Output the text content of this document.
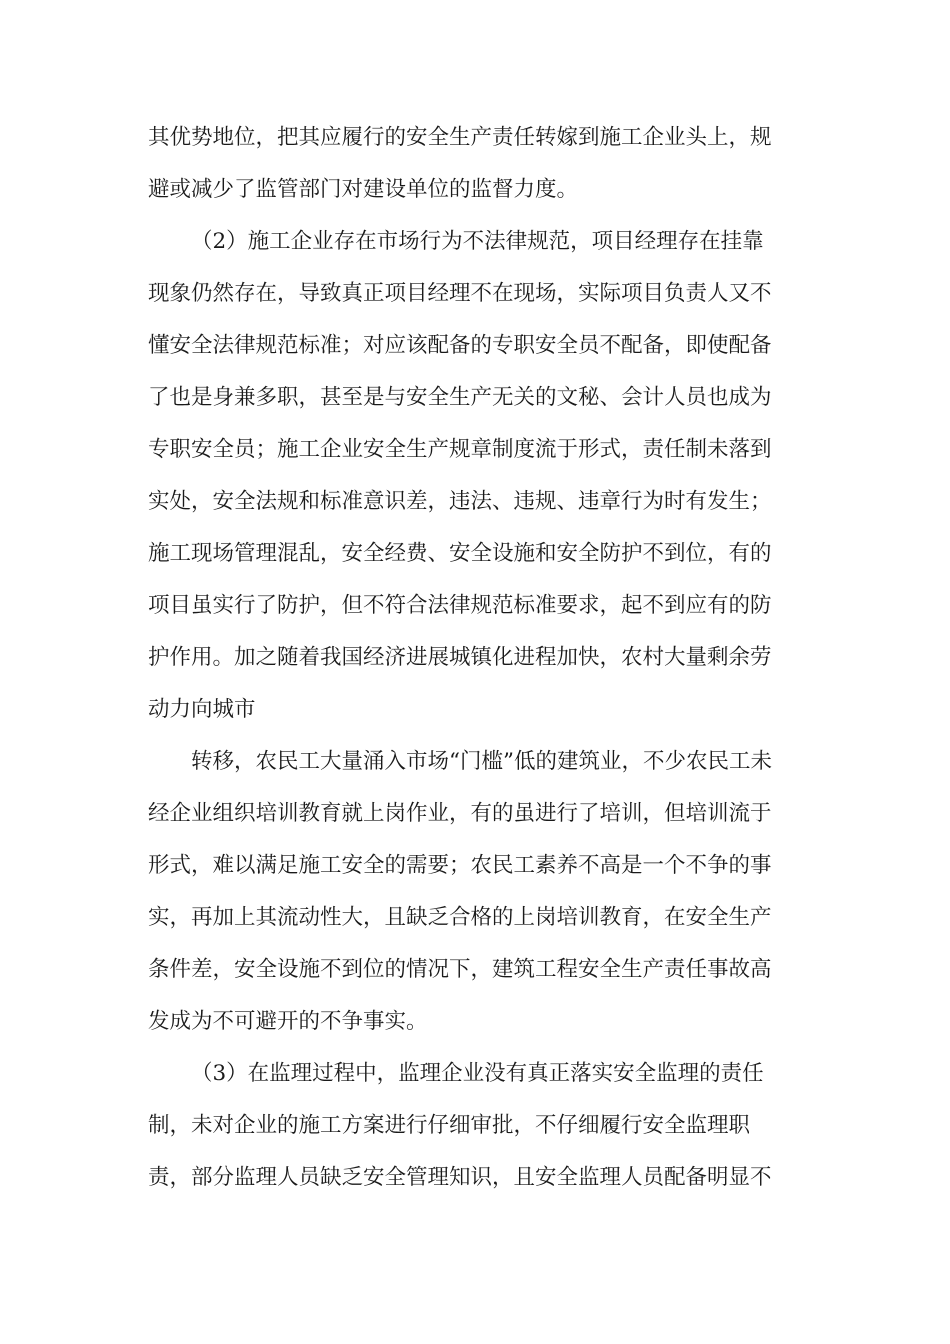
其优势地位，把其应履行的安全生产责任转嫁到施工企业头上，规
避或减少了监管部门对建设单位的监督力度。
（2）施工企业存在市场行为不法律规范，项目经理存在挂靠
现象仍然存在，导致真正项目经理不在现场，实际项目负责人又不
懂安全法律规范标准；对应该配备的专职安全员不配备，即使配备
了也是身兼多职，甚至是与安全生产无关的文秘、会计人员也成为
专职安全员；施工企业安全生产规章制度流于形式，责任制未落到
实处，安全法规和标准意识差，违法、违规、违章行为时有发生；
施工现场管理混乱，安全经费、安全设施和安全防护不到位，有的
项目虽实行了防护，但不符合法律规范标准要求，起不到应有的防
护作用。加之随着我国经济进展城镇化进程加快，农村大量剩余劳
动力向城市
转移，农民工大量涌入市场“门槛”低的建筑业，不少农民工未
经企业组织培训教育就上岗作业，有的虽进行了培训，但培训流于
形式，难以满足施工安全的需要；农民工素养不高是一个不争的事
实，再加上其流动性大，且缺乏合格的上岗培训教育，在安全生产
条件差，安全设施不到位的情况下，建筑工程安全生产责任事故高
发成为不可避开的不争事实。
（3）在监理过程中，监理企业没有真正落实安全监理的责任
制，未对企业的施工方案进行仔细审批，不仔细履行安全监理职
责，部分监理人员缺乏安全管理知识，且安全监理人员配备明显不
